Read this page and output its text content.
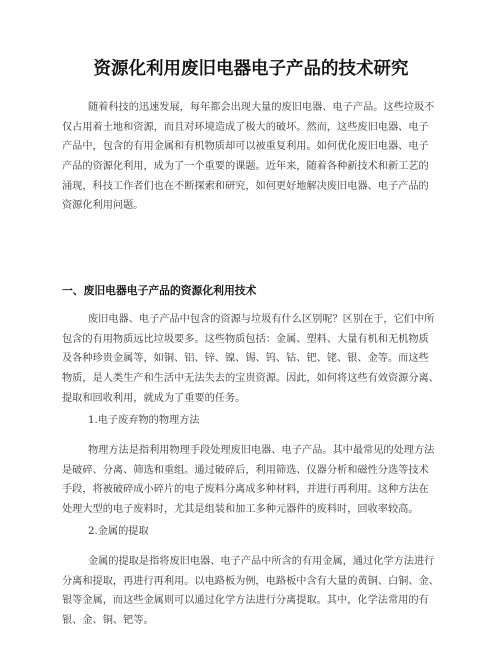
资源化利用废旧电器电子产品的技术研究
随着科技的迅速发展，每年都会出现大量的废旧电器、电子产品。这些垃圾不
仅占用着土地和资源，而且对环境造成了极大的破坏。然而，这些废旧电器、电子
产品中，包含的有用金属和有机物质却可以被重复利用。如何优化废旧电器、电子
产品的资源化利用，成为了一个重要的课题。近年来，随着各种新技术和新工艺的
涌现，科技工作者们也在不断探索和研究，如何更好地解决废旧电器、电子产品的
资源化利用问题。
一、废旧电器电子产品的资源化利用技术
废旧电器、电子产品中包含的资源与垃圾有什么区别呢？区别在于，它们中所
包含的有用物质远比垃圾要多。这些物质包括：金属、塑料、大量有机和无机物质
及各种珍贵金属等，如铜、铝、锌、镍、锡、钨、钴、钯、铑、银、金等。而这些
物质，是人类生产和生活中无法失去的宝贵资源。因此，如何将这些有效资源分离、
提取和回收利用，就成为了重要的任务。
1.电子废弃物的物理方法
物理方法是指利用物理手段处理废旧电器、电子产品。其中最常见的处理方法
是破碎、分离、筛选和重组。通过破碎后，利用筛选、仪器分析和磁性分选等技术
手段，将被破碎成小碎片的电子废料分离成多种材料，并进行再利用。这种方法在
处理大型的电子废料时，尤其是组装和加工多种元器件的废料时，回收率较高。
2.金属的提取
金属的提取是指将废旧电器、电子产品中所含的有用金属，通过化学方法进行
分离和提取，再进行再利用。以电路板为例，电路板中含有大量的黄铜、白铜、金、
银等金属，而这些金属则可以通过化学方法进行分离提取。其中，化学法常用的有
银、金、铜、钯等。
